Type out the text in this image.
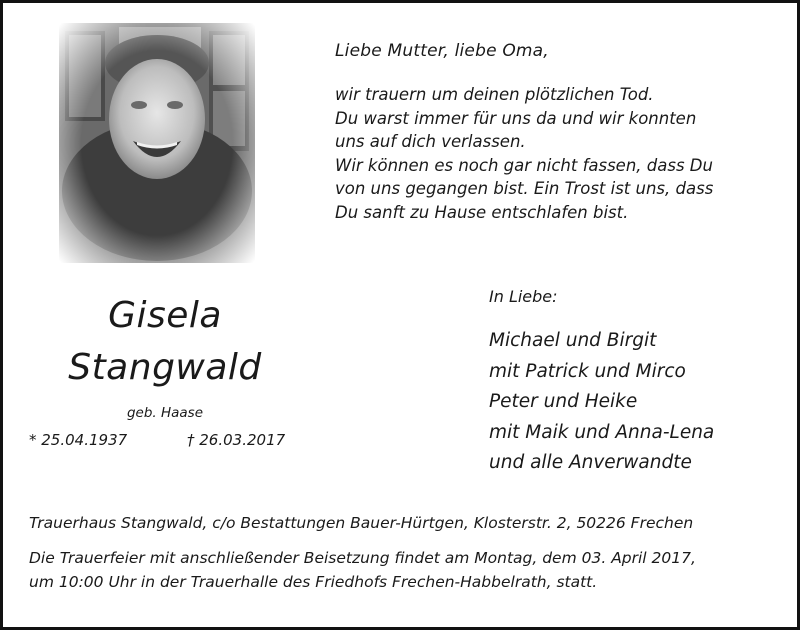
Liebe Mutter, liebe Oma,

wir trauern um deinen plötzlichen Tod.
Du warst immer für uns da und wir konnten
uns auf dich verlassen.
Wir können es noch gar nicht fassen, dass Du
von uns gegangen bist. Ein Trost ist uns, dass
Du sanft zu Hause entschlafen bist.

Gisela

Stangwald

geb. Haase

* 25.04.1937	† 26.03.2017

In Liebe:

Michael und Birgit
mit Patrick und Mirco
Peter und Heike
mit Maik und Anna-Lena
und alle Anverwandte

Trauerhaus Stangwald, c/o Bestattungen Bauer-Hürtgen, Klosterstr. 2, 50226 Frechen

Die Trauerfeier mit anschließender Beisetzung findet am Montag, dem 03. April 2017,
um 10:00 Uhr in der Trauerhalle des Friedhofs Frechen-Habbelrath, statt.
